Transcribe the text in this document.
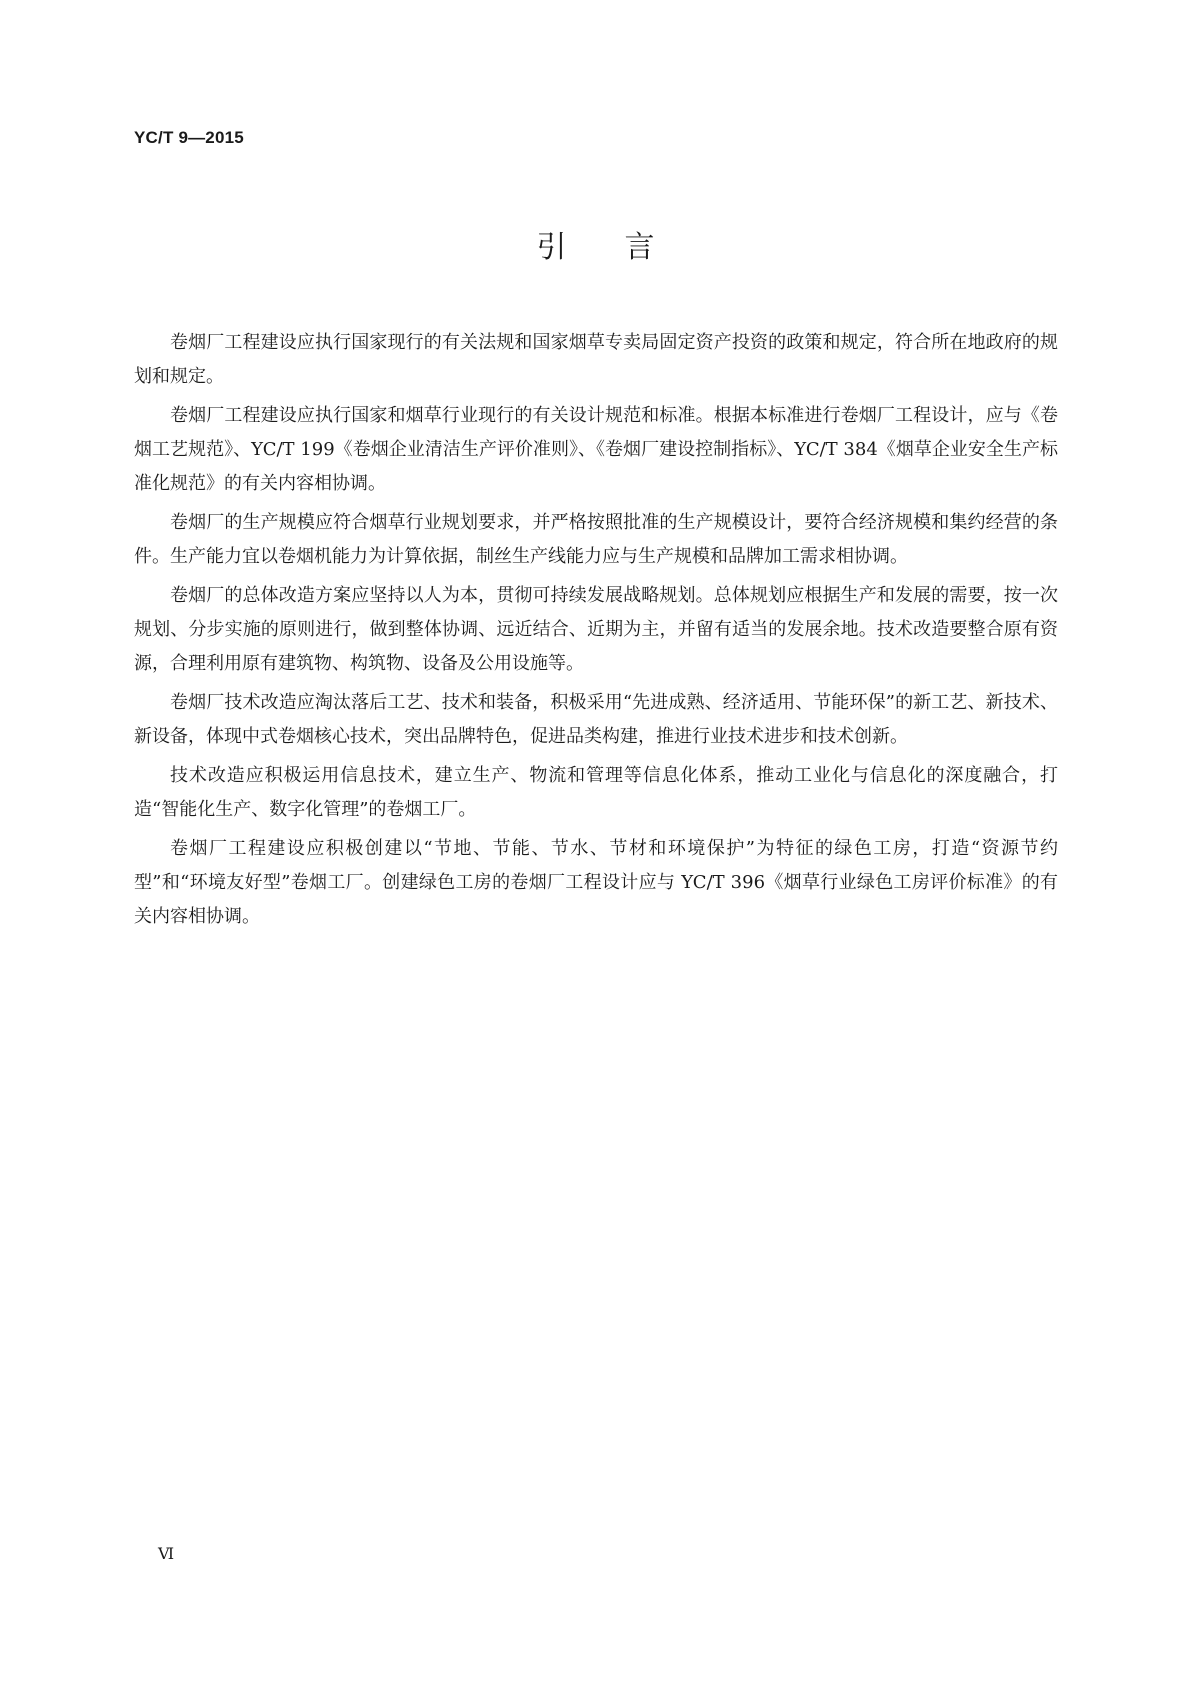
YC/T 9—2015
引言

卷烟厂工程建设应执行国家现行的有关法规和国家烟草专卖局固定资产投资的政策和规定，符合所在地政府的规划和规定。

卷烟厂工程建设应执行国家和烟草行业现行的有关设计规范和标准。根据本标准进行卷烟厂工程设计，应与《卷烟工艺规范》、YC/T 199《卷烟企业清洁生产评价准则》、《卷烟厂建设控制指标》、YC/T 384《烟草企业安全生产标准化规范》的有关内容相协调。

卷烟厂的生产规模应符合烟草行业规划要求，并严格按照批准的生产规模设计，要符合经济规模和集约经营的条件。生产能力宜以卷烟机能力为计算依据，制丝生产线能力应与生产规模和品牌加工需求相协调。

卷烟厂的总体改造方案应坚持以人为本，贯彻可持续发展战略规划。总体规划应根据生产和发展的需要，按一次规划、分步实施的原则进行，做到整体协调、远近结合、近期为主，并留有适当的发展余地。技术改造要整合原有资源，合理利用原有建筑物、构筑物、设备及公用设施等。

卷烟厂技术改造应淘汰落后工艺、技术和装备，积极采用“先进成熟、经济适用、节能环保”的新工艺、新技术、新设备，体现中式卷烟核心技术，突出品牌特色，促进品类构建，推进行业技术进步和技术创新。

技术改造应积极运用信息技术，建立生产、物流和管理等信息化体系，推动工业化与信息化的深度融合，打造“智能化生产、数字化管理”的卷烟工厂。

卷烟厂工程建设应积极创建以“节地、节能、节水、节材和环境保护”为特征的绿色工房，打造“资源节约型”和“环境友好型”卷烟工厂。创建绿色工房的卷烟厂工程设计应与 YC/T 396《烟草行业绿色工房评价标准》的有关内容相协调。

Ⅵ
